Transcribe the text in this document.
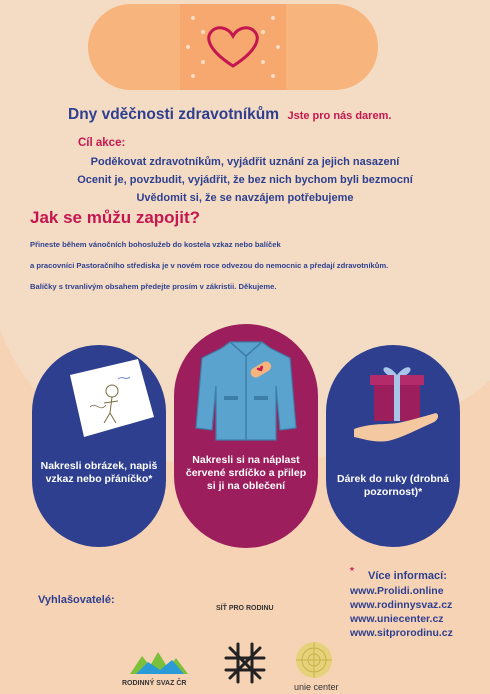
Dny vděčnosti zdravotníkům Jste pro nás darem.
Cíl akce:
Poděkovat zdravotníkům, vyjádřit uznání za jejich nasazení
Ocenit je, povzbudit, vyjádřit, že bez nich bychom byli bezmocní
Uvědomit si, že se navzájem potřebujeme
Jak se můžu zapojit?
Přineste během vánočních bohoslužeb do kostela vzkaz nebo balíček
a pracovníci Pastoračního střediska je v novém roce odvezou do nemocnic a předají zdravotníkům.
Balíčky s trvanlivým obsahem předejte prosím v zákristii. Děkujeme.
Nakresli obrázek, napiš vzkaz nebo přáníčko*
Nakresli si na náplast červené srdíčko a přilep si ji na oblečení
Dárek do ruky (drobná pozornost)*
Vyhlašovatelé:
SÍŤ PRO RODINU
* Více informací:
www.Prolidi.online
www.rodinnysvaz.cz
www.uniecenter.cz
www.sitprorodinu.cz
RODINNÝ SVAZ ČR	unie center
